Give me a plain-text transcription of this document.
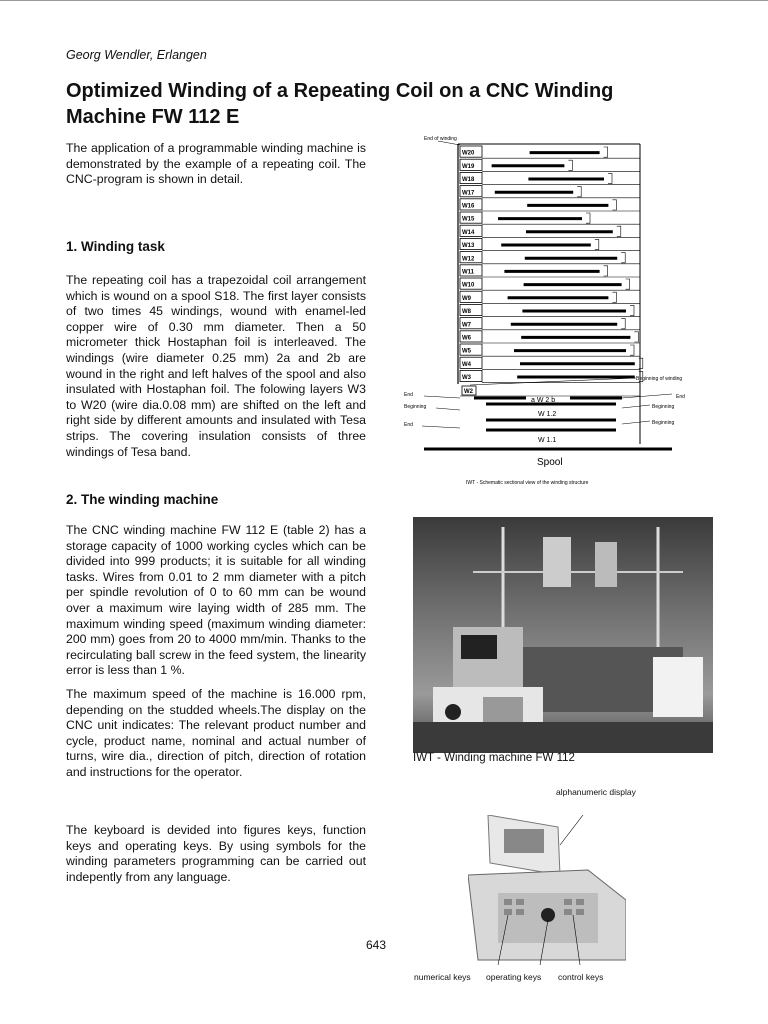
Georg Wendler, Erlangen
Optimized Winding of a Repeating Coil on a CNC Winding Machine FW 112 E
The application of a programmable winding machine is demonstrated by the example of a repeating coil. The CNC-program is shown in detail.
1. Winding task
The repeating coil has a trapezoidal coil arrangement which is wound on a spool S18. The first layer consists of two times 45 windings, wound with enamel-led copper wire of 0.30 mm diameter. Then a 50 micrometer thick Hostaphan foil is interleaved. The windings (wire diameter 0.25 mm) 2a and 2b are wound in the right and left halves of the spool and also insulated with Hostaphan foil. The folowing layers W3 to W20 (wire dia.0.08 mm) are shifted on the left and right side by different amounts and insulated with Tesa strips. The covering insulation consists of three windings of Tesa band.
2. The winding machine
The CNC winding machine FW 112 E (table 2) has a storage capacity of 1000 working cycles which can be divided into 999 products; it is suitable for all winding tasks. Wires from 0.01 to 2 mm diameter with a pitch per spindle revolution of 0 to 60 mm can be wound over a maximum wire laying width of 285 mm. The maximum winding speed (maximum winding diameter: 200 mm) goes from 20 to 4000 mm/min. Thanks to the recirculating ball screw in the feed system, the linearity error is less than 1 %.
The maximum speed of the machine is 16.000 rpm, depending on the studded wheels.The display on the CNC unit indicates: The relevant product number and cycle, product name, nominal and actual number of turns, wire dia., direction of pitch, direction of rotation and instructions for the operator.
The keyboard is devided into figures keys, function keys and operating keys. By using symbols for the winding parameters programming can be carried out indepently from any language.
End of winding
W20
W19
W18
W17
W16
W15
W14
W13
W12
W11
W10
W9
W8
W7
W6
W5
W4
W3	Beginning of winding
W2
a W 2 b
End
Beginning
End
End
Beginning
Beginning
W 1.2
W 1.1
Spool
IWT - Schematic sectional view of the winding structure
IWT - Winding machine FW 112
alphanumeric display
numerical keys operating keys control keys
643
